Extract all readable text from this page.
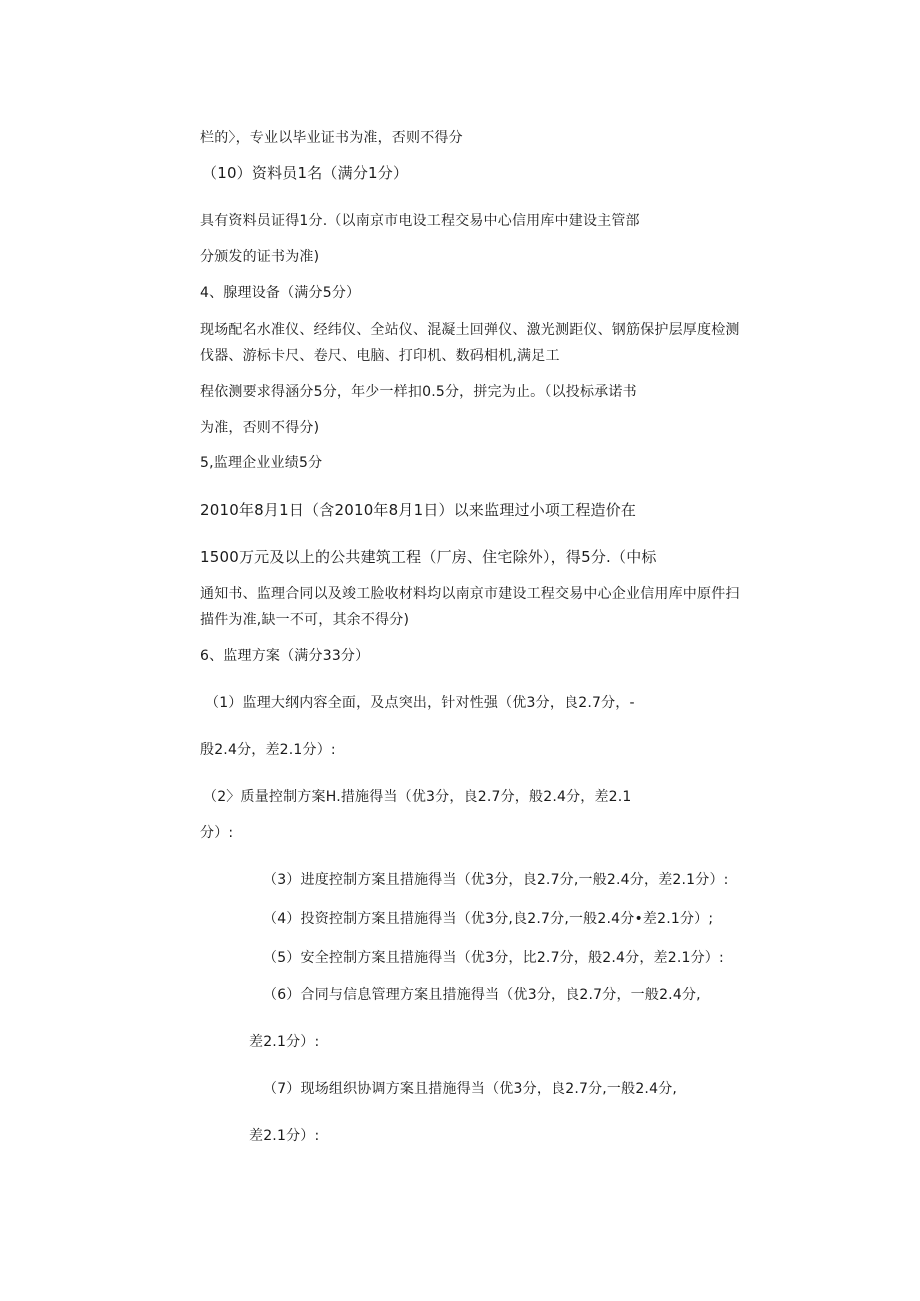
栏的〉，专业以毕业证书为准，否则不得分
（10）资料员1名（满分1分）
具有资料员证得1分.（以南京市电设工程交易中心信用库中建设主管部
分颁发的证书为准)
4、腺理设备（满分5分）
现场配名水准仪、经纬仪、全站仪、混凝土回弹仪、激光测距仪、钢筋保护层厚度检测
伐器、游标卡尺、卷尺、电脑、打印机、数码相机,满足工
程依测要求得涵分5分，年少一样扣0.5分，拼完为止。（以投标承诺书
为准，否则不得分)
5,监理企业业绩5分
2010年8月1日（含2010年8月1日）以来监理过小项工程造价在
1500万元及以上的公共建筑工程（厂房、住宅除外），得5分.（中标
通知书、监理合同以及竣工脸收材料均以南京市建设工程交易中心企业信用库中原件扫
描件为准,缺一不可，其余不得分)
6、监理方案（满分33分）
（1）监理大纲内容全面，及点突出，针对性强（优3分，良2.7分，-
殷2.4分，差2.1分）:
（2〉质量控制方案H.措施得当（优3分，良2.7分，般2.4分，差2.1
分）:
（3）进度控制方案且措施得当（优3分，良2.7分,一般2.4分，差2.1分）:
（4）投资控制方案且措施得当（优3分,良2.7分,一般2.4分•差2.1分）;
（5）安全控制方案且措施得当（优3分，比2.7分，般2.4分，差2.1分）:
（6）合同与信息管理方案且措施得当（优3分，良2.7分，一般2.4分,
差2.1分）:
（7）现场组织协调方案且措施得当（优3分，良2.7分,一般2.4分,
差2.1分）:
